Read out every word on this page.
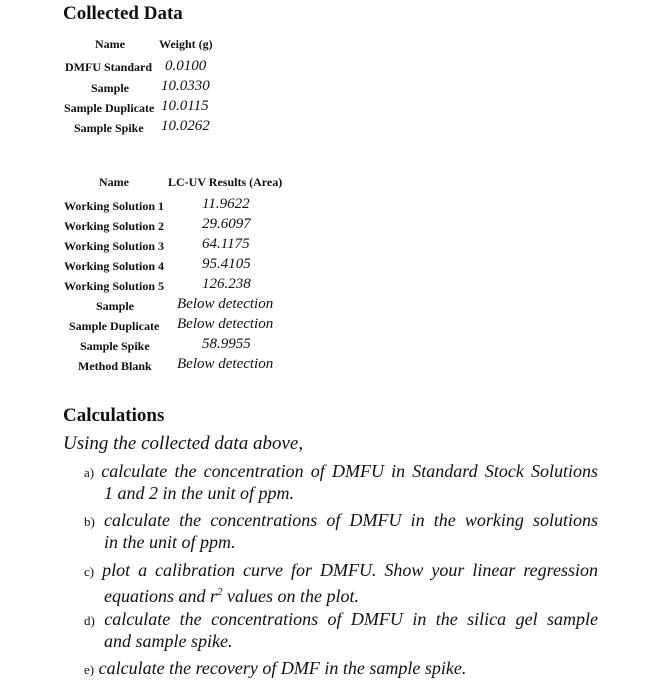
Collected Data
Name	Weight (g)
DMFU Standard 0.0100
Sample 10.0330
Sample Duplicate 10.0115
Sample Spike 10.0262
Name	LC-UV Results (Area)
Working Solution 1	11.9622
Working Solution 2	29.6097
Working Solution 3	64.1175
Working Solution 4	95.4105
Working Solution 5	126.238
Sample	Below detection
Sample Duplicate Below detection
Sample Spike	58.9955
Method Blank Below detection
Calculations
Using the collected data above,
a) calculate the concentration of DMFU in Standard Stock Solutions
1 and 2 in the unit of ppm.
b) calculate the concentrations of DMFU in the working solutions
in the unit of ppm.
c) plot a calibration curve for DMFU. Show your linear regression
equations and $r^2$ values on the plot.
d) calculate the concentrations of DMFU in the silica gel sample
and sample spike.
e) calculate the recovery of DMF in the sample spike.
